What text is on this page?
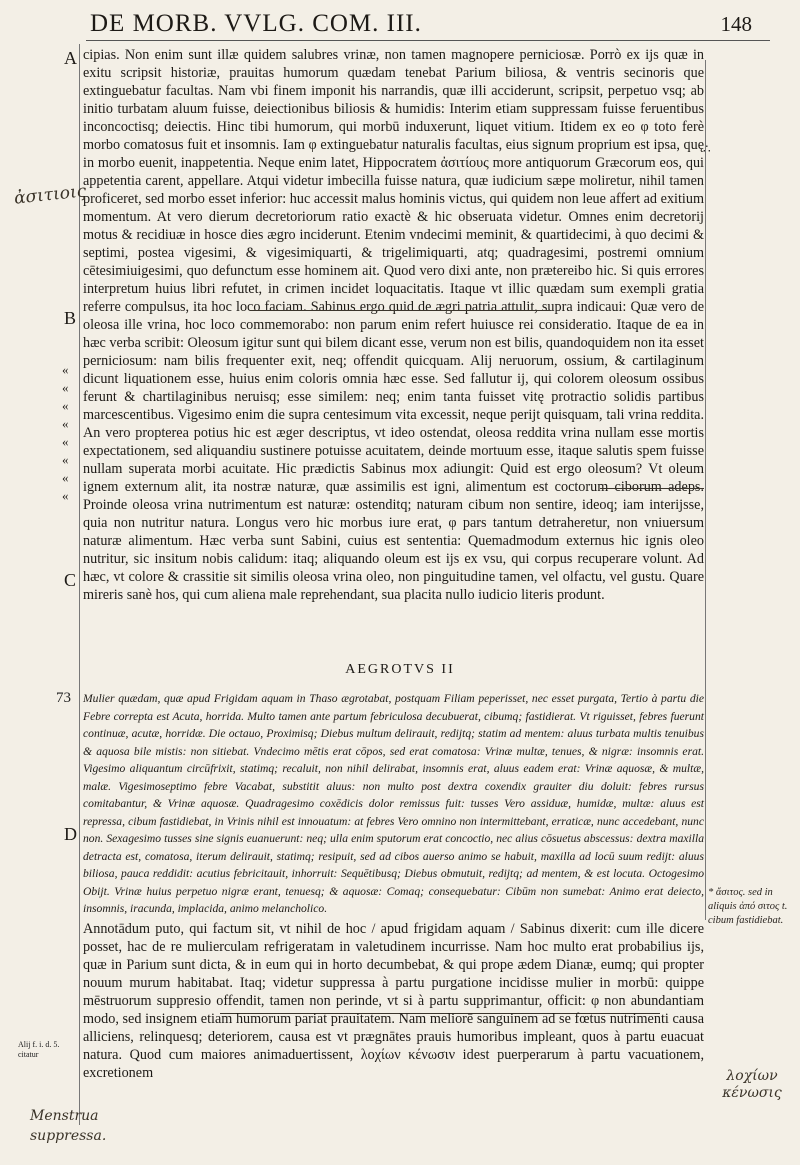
DE MORB. VVLG. COM. III.	148
A
B
C
D
«
«
«
«
«
«
«
«
cipias. Non enim sunt illæ quidem salubres vrinæ, non tamen magnopere perniciosæ. Porrò ex ijs quæ in exitu scripsit historiæ, prauitas humorum quædam tenebat Parium biliosa, & ventris secinoris que extinguebatur facultas. Nam vbi finem imponit his narrandis, quæ illi acciderunt, scripsit, perpetuo vsq; ab initio turbatam aluum fuisse, deiectionibus biliosis & humidis: Interim etiam suppressam fuisse feruentibus inconcoctisq; deiectis. Hinc tibi humorum, qui morbū induxerunt, liquet vitium. Itidem ex eo φ toto ferè morbo comatosus fuit et insomnis. Iam φ extinguebatur naturalis facultas, eius signum proprium est ipsa, quę in morbo euenit, inappetentia. Neque enim latet, Hippocratem ἀσιτίους more antiquorum Græcorum eos, qui appetentia carent, appellare. Atqui videtur imbecilla fuisse natura, quæ iudicium sæpe moliretur, nihil tamen proficeret, sed morbo esset inferior: huc accessit malus hominis victus, qui quidem non leue affert ad exitium momentum. At vero dierum decretoriorum ratio exactè & hic obseruata videtur. Omnes enim decretorij motus & recidiuæ in hosce dies ægro inciderunt. Etenim vndecimi meminit, & quartidecimi, à quo decimi & septimi, postea vigesimi, & vigesimiquarti, & trigelimiquarti, atq; quadragesimi, postremi omnium cētesimiuigesimi, quo defunctum esse hominem ait. Quod vero dixi ante, non prætereibo hic. Si quis errores interpretum huius libri refutet, in crimen incidet loquacitatis. Itaque vt illic quædam sum exempli gratia referre compulsus, ita hoc loco faciam. Sabinus ergo quid de ægri patria attulit, supra indicaui: Quæ vero de oleosa ille vrina, hoc loco commemorabo: non parum enim refert huiusce rei consideratio. Itaque de ea in hæc verba scribit: Oleosum igitur sunt qui bilem dicant esse, verum non est bilis, quandoquidem non ita esset perniciosum: nam bilis frequenter exit, neq; offendit quicquam. Alij neruorum, ossium, & cartilaginum dicunt liquationem esse, huius enim coloris omnia hæc esse. Sed fallutur ij, qui colorem oleosum ossibus ferunt & chartilaginibus neruisq; esse similem: neq; enim tanta fuisset vitę protractio solidis partibus marcescentibus. Vigesimo enim die supra centesimum vita excessit, neque perijt quisquam, tali vrina reddita. An vero propterea potius hic est æger descriptus, vt ideo ostendat, oleosa reddita vrina nullam esse mortis expectationem, sed aliquandiu sustinere potuisse acuitatem, deinde mortuum esse, itaque salutis spem fuisse nullam superata morbi acuitate. Hic prædictis Sabinus mox adiungit: Quid est ergo oleosum? Vt oleum ignem externum alit, ita nostræ naturæ, quæ assimilis est igni, alimentum est coctorum ciborum adeps. Proinde oleosa vrina nutrimentum est naturæ: ostenditq; naturam cibum non sentire, ideoq; iam interijsse, quia non nutritur natura. Longus vero hic morbus iure erat, φ pars tantum detraheretur, non vniuersum naturæ alimentum. Hæc verba sunt Sabini, cuius est sententia: Quemadmodum externus hic ignis oleo nutritur, sic insitum nobis calidum: itaq; aliquando oleum est ijs ex vsu, qui corpus recuperare volunt. Ad hæc, vt colore & crassitie sit similis oleosa vrina oleo, non pinguitudine tamen, vel olfactu, vel gustu. Quare mireris sanè hos, qui cum aliena male reprehendant, sua placita nullo iudicio literis produnt.
AEGROTVS II
73 Mulier quædam, quæ apud Frigidam aquam in Thaso ægrotabat, postquam Filiam peperisset, nec esset purgata, Tertio à partu die Febre correpta est Acuta, horrida. Multo tamen ante partum febriculosa decubuerat, cibumq; fastidierat. Vt riguisset, febres fuerunt continuæ, acutæ, horridæ. Die octauo, Proximisq; Diebus multum delirauit, redijtq; statim ad mentem: aluus turbata multis tenuibus & aquosa bile mistis: non sitiebat. Vndecimo mētis erat cōpos, sed erat comatosa: Vrinæ multæ, tenues, & nigræ: insomnis erat. Vigesimo aliquantum circūfrixit, statimq; recaluit, non nihil delirabat, insomnis erat, aluus eadem erat: Vrinæ aquosæ, & multæ, malæ. Vigesimoseptimo febre Vacabat, substitit aluus: non multo post dextra coxendix grauiter diu doluit: febres rursus comitabantur, & Vrinæ aquosæ. Quadragesimo coxēdicis dolor remissus fuit: tusses Vero assiduæ, humidæ, multæ: aluus est repressa, cibum fastidiebat, in Vrinis nihil est innouatum: at febres Vero omnino non intermittebant, erraticæ, nunc accedebant, nunc non. Sexagesimo tusses sine signis euanuerunt: neq; ulla enim sputorum erat concoctio, nec alius cōsuetus abscessus: dextra maxilla detracta est, comatosa, iterum delirauit, statimq; resipuit, sed ad cibos auerso animo se habuit, maxilla ad locū suum redijt: aluus biliosa, pauca reddidit: acutius febricitauit, inhorruit: Sequētibusq; Diebus obmutuit, redijtq; ad mentem, & est locuta. Octogesimo Obijt. Vrinæ huius perpetuo nigræ erant, tenuesq; & aquosæ: Comaq; consequebatur: Cibūm non sumebat: Animo erat deiecto, insomnis, iracunda, implacida, animo melancholico.
Annotādum puto, qui factum sit, vt nihil de hoc / apud frigidam aquam / Sabinus dixerit: cum ille dicere posset, hac de re mulierculam refrigeratam in valetudinem incurrisse. Nam hoc multo erat probabilius ijs, quæ in Parium sunt dicta, & in eum qui in horto decumbebat, & qui prope ædem Dianæ, eumq; qui propter nouum murum habitabat. Itaq; videtur suppressa à partu purgatione incidisse mulier in morbū: quippe mēstruorum suppresio offendit, tamen non perinde, vt si à partu supprimantur, officit: φ non abundantiam modo, sed insignem etiam humorum pariat prauitatem. Nam meliorē sanguinem ad se fœtus nutrimenti causa alliciens, relinquesq; deteriorem, causa est vt prægnātes prauis humoribus impleant, quos à partu euacuat natura. Quod cum maiores animaduertissent, λοχίων κένωσιν idest puerperarum à partu vacuationem, excretionem
* ἄσιτος. sed in aliquis ἀπό σιτος t. cibum fastidiebat.
Alij f. i. d. 5. citatur
ἀσιτιοις
λοχίων κένωσις
Menstrua suppressa.
∴
